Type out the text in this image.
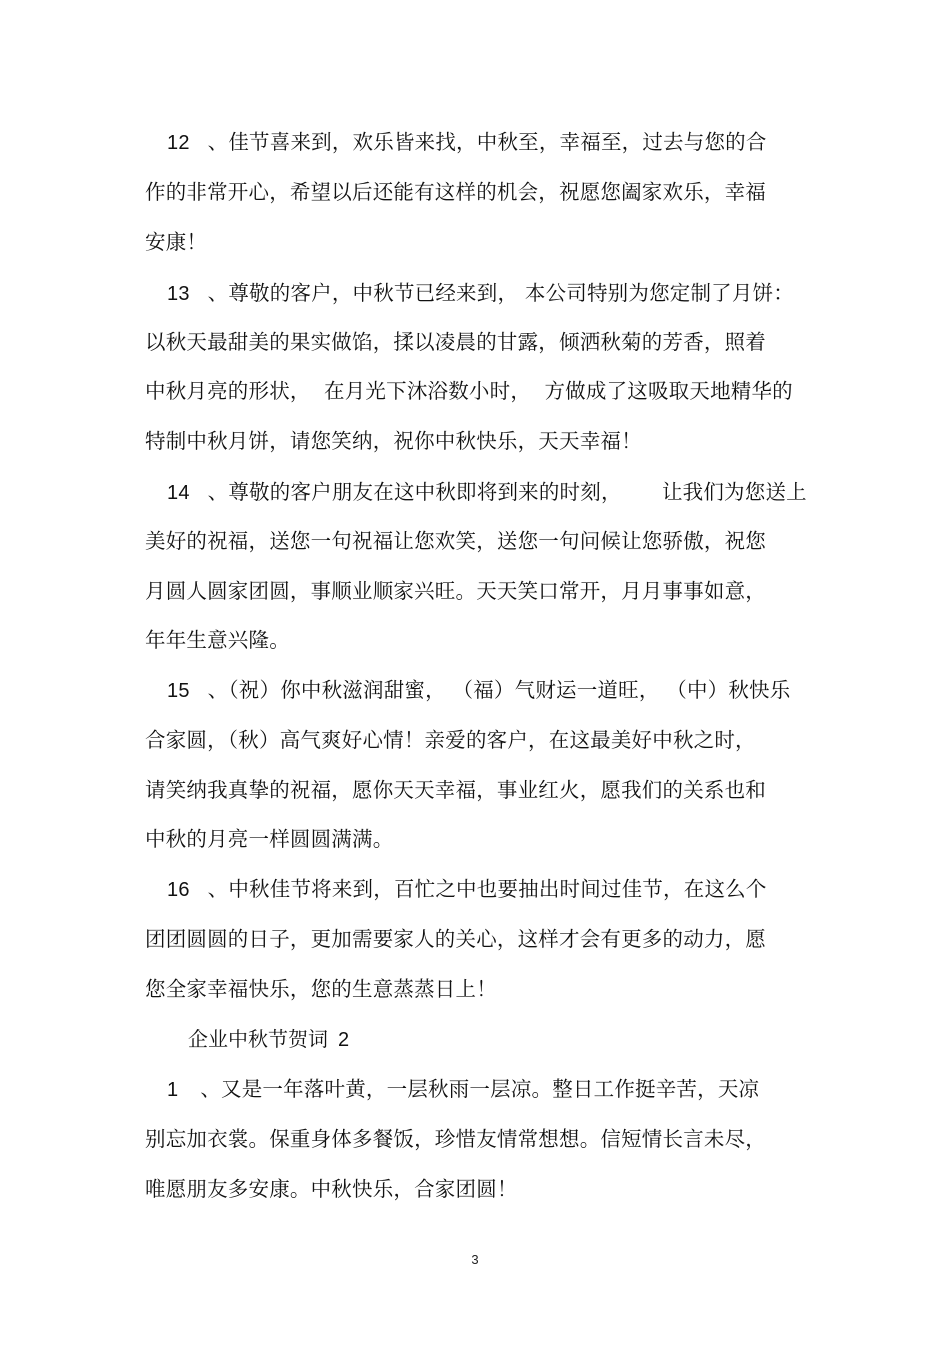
12 、佳节喜来到，欢乐皆来找，中秋至，幸福至，过去与您的合
作的非常开心，希望以后还能有这样的机会，祝愿您阖家欢乐，幸福
安康！
13 、尊敬的客户，中秋节已经来到， 本公司特别为您定制了月饼：
以秋天最甜美的果实做馅，揉以凌晨的甘露，倾洒秋菊的芳香，照着
中秋月亮的形状，  在月光下沐浴数小时，  方做成了这吸取天地精华的
特制中秋月饼，请您笑纳，祝你中秋快乐，天天幸福！
14 、尊敬的客户朋友在这中秋即将到来的时刻，      让我们为您送上
美好的祝福，送您一句祝福让您欢笑，送您一句问候让您骄傲，祝您
月圆人圆家团圆，事顺业顺家兴旺。天天笑口常开，月月事事如意，
年年生意兴隆。
15 、（祝）你中秋滋润甜蜜， （福）气财运一道旺， （中）秋快乐
合家圆，（秋）高气爽好心情！亲爱的客户，在这最美好中秋之时，
请笑纳我真挚的祝福，愿你天天幸福，事业红火，愿我们的关系也和
中秋的月亮一样圆圆满满。
16 、中秋佳节将来到，百忙之中也要抽出时间过佳节，在这么个
团团圆圆的日子，更加需要家人的关心，这样才会有更多的动力，愿
您全家幸福快乐，您的生意蒸蒸日上！
企业中秋节贺词 2
1 、又是一年落叶黄，一层秋雨一层凉。整日工作挺辛苦，天凉
别忘加衣裳。保重身体多餐饭，珍惜友情常想想。信短情长言未尽，
唯愿朋友多安康。中秋快乐，合家团圆！
3
